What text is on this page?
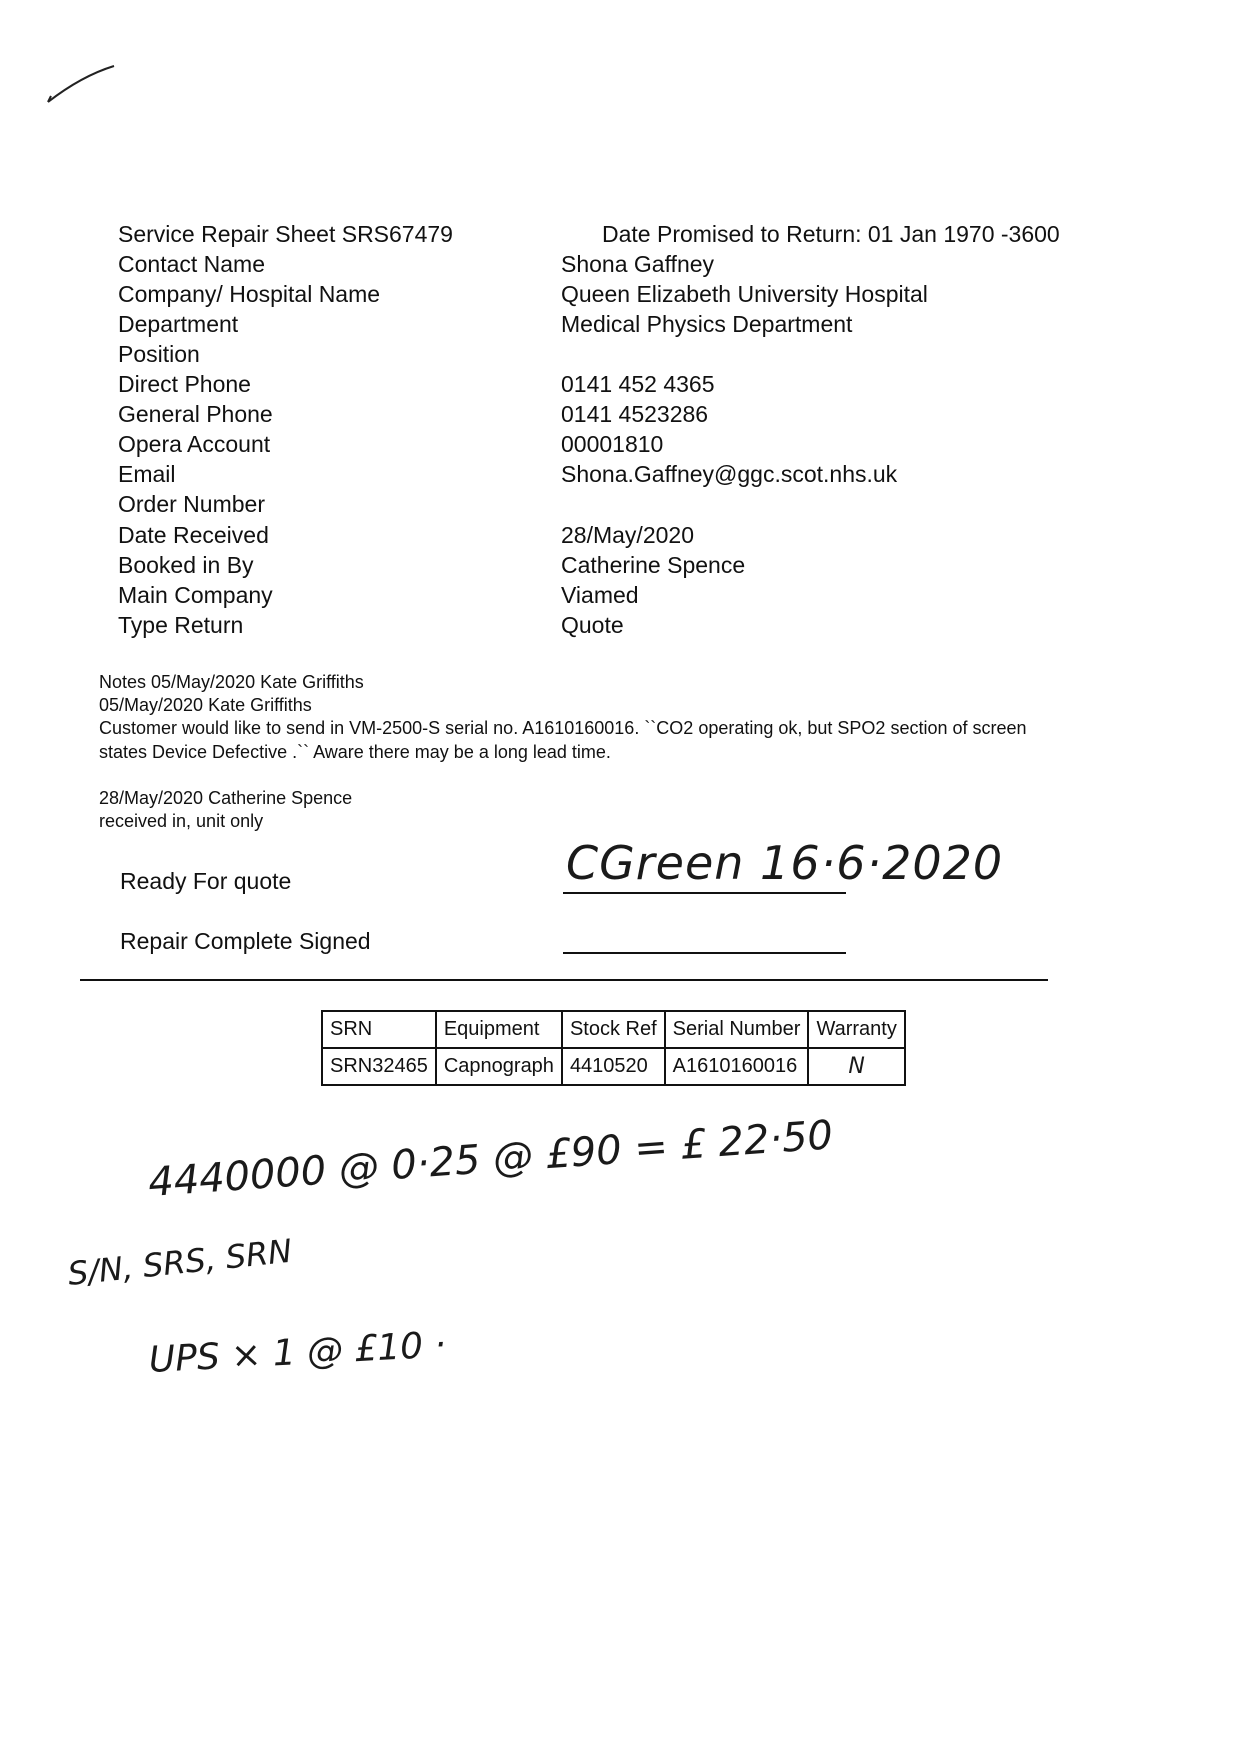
Service Repair Sheet SRS67479	Date Promised to Return: 01 Jan 1970 -3600
Contact Name	Shona Gaffney
Company/ Hospital Name	Queen Elizabeth University Hospital
Department	Medical Physics Department
Position
Direct Phone	0141 452 4365
General Phone	0141 4523286
Opera Account	00001810
Email	Shona.Gaffney@ggc.scot.nhs.uk
Order Number
Date Received	28/May/2020
Booked in By	Catherine Spence
Main Company	Viamed
Type Return	Quote
Notes 05/May/2020 Kate Griffiths
05/May/2020 Kate Griffiths
Customer would like to send in VM-2500-S serial no. A1610160016. ``CO2 operating ok, but SPO2 section of screen
states Device Defective .`` Aware there may be a long lead time.
28/May/2020 Catherine Spence
received in, unit only
Ready For quote	CGreen 16·6·2020
Repair Complete Signed
SRN	Equipment	Stock Ref	Serial Number	Warranty
SRN32465	Capnograph	4410520	A1610160016	N
4440000 @ 0·25 @ £90 = £ 22·50
S/N, SRS, SRN
UPS × 1 @ £10 ·
